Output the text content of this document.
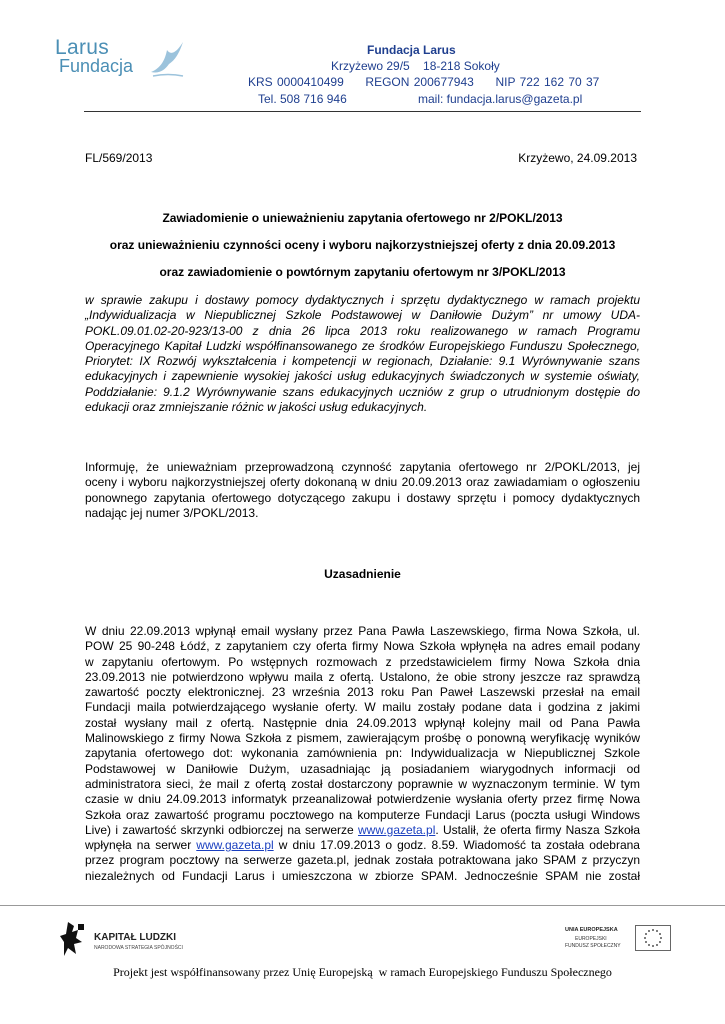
Larus
Fundacja
Fundacja Larus
Krzyżewo 29/5    18-218 Sokoły
KRS 0000410499     REGON 200677943     NIP 722 162 70 37
Tel. 508 716 946	mail: fundacja.larus@gazeta.pl
FL/569/2013	Krzyżewo, 24.09.2013
Zawiadomienie o unieważnieniu zapytania ofertowego nr 2/POKL/2013
oraz unieważnieniu czynności oceny i wyboru najkorzystniejszej oferty z dnia 20.09.2013
oraz zawiadomienie o powtórnym zapytaniu ofertowym nr 3/POKL/2013
w sprawie zakupu i dostawy pomocy dydaktycznych i sprzętu dydaktycznego w ramach projektu
„Indywidualizacja w Niepublicznej Szkole Podstawowej w Daniłowie Dużym” nr umowy UDA-
POKL.09.01.02-20-923/13-00 z dnia 26 lipca 2013 roku realizowanego w ramach Programu
Operacyjnego Kapitał Ludzki współfinansowanego ze środków Europejskiego Funduszu Społecznego,
Priorytet: IX Rozwój wykształcenia i kompetencji w regionach, Działanie: 9.1 Wyrównywanie szans
edukacyjnych i zapewnienie wysokiej jakości usług edukacyjnych świadczonych w systemie oświaty,
Poddziałanie: 9.1.2 Wyrównywanie szans edukacyjnych uczniów z grup o utrudnionym dostępie do
edukacji oraz zmniejszanie różnic w jakości usług edukacyjnych.
Informuję, że unieważniam przeprowadzoną czynność zapytania ofertowego nr 2/POKL/2013, jej
oceny i wyboru najkorzystniejszej oferty dokonaną w dniu 20.09.2013 oraz zawiadamiam o ogłoszeniu
ponownego zapytania ofertowego dotyczącego zakupu i dostawy sprzętu i pomocy dydaktycznych
nadając jej numer 3/POKL/2013.
Uzasadnienie
W dniu 22.09.2013 wpłynął email wysłany przez Pana Pawła Laszewskiego, firma Nowa Szkoła, ul.
POW 25 90-248 Łódź, z zapytaniem czy oferta firmy Nowa Szkoła wpłynęła na adres email podany
w zapytaniu ofertowym. Po wstępnych rozmowach z przedstawicielem firmy Nowa Szkoła dnia
23.09.2013 nie potwierdzono wpływu maila z ofertą. Ustalono, że obie strony jeszcze raz sprawdzą
zawartość poczty elektronicznej. 23 września 2013 roku Pan Paweł Laszewski przesłał na email
Fundacji maila potwierdzającego wysłanie oferty. W mailu zostały podane data i godzina z jakimi
został wysłany mail z ofertą. Następnie dnia 24.09.2013 wpłynął kolejny mail od Pana Pawła
Malinowskiego z firmy Nowa Szkoła z pismem, zawierającym prośbę o ponowną weryfikację wyników
zapytania ofertowego dot: wykonania zamównienia pn: Indywidualizacja w Niepublicznej Szkole
Podstawowej w Daniłowie Dużym, uzasadniając ją posiadaniem wiarygodnych informacji od
administratora sieci, że mail z ofertą został dostarczony poprawnie w wyznaczonym terminie. W tym
czasie w dniu 24.09.2013 informatyk przeanalizował potwierdzenie wysłania oferty przez firmę Nowa
Szkoła oraz zawartość programu pocztowego na komputerze Fundacji Larus (poczta usługi Windows
Live) i zawartość skrzynki odbiorczej na serwerze www.gazeta.pl. Ustalił, że oferta firmy Nasza Szkoła
wpłynęła na serwer www.gazeta.pl w dniu 17.09.2013 o godz. 8.59. Wiadomość ta została odebrana
przez program pocztowy na serwerze gazeta.pl, jednak została potraktowana jako SPAM z przyczyn
niezależnych od Fundacji Larus i umieszczona w zbiorze SPAM. Jednocześnie SPAM nie został
KAPITAŁ LUDZKI
NARODOWA STRATEGIA SPÓJNOŚCI
UNIA EUROPEJSKA
EUROPEJSKI
FUNDUSZ SPOŁECZNY
Projekt jest współfinansowany przez Unię Europejską  w ramach Europejskiego Funduszu Społecznego
